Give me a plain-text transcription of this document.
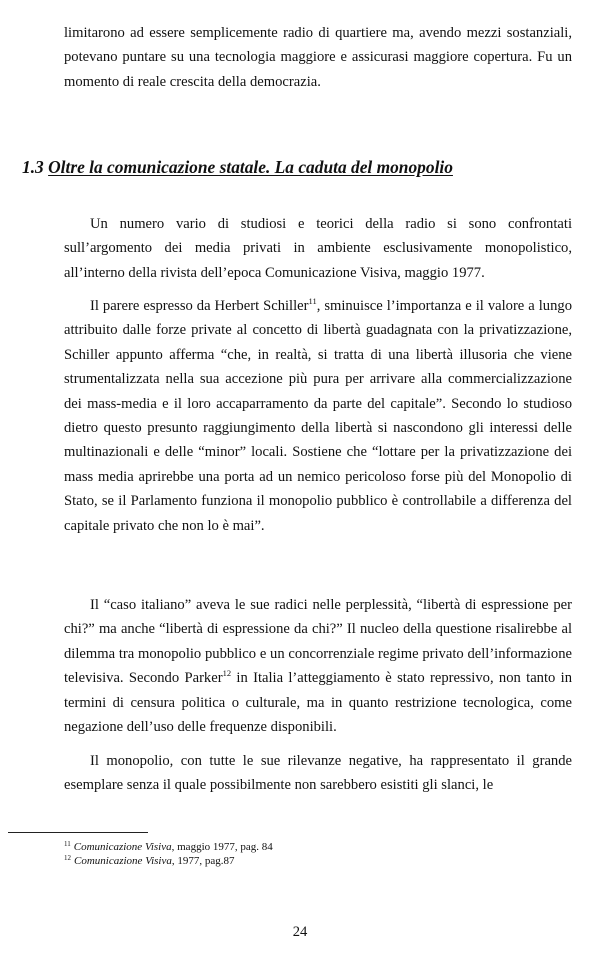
limitarono ad essere semplicemente radio di quartiere ma, avendo mezzi sostanziali, potevano puntare su una tecnologia maggiore e assicurasi maggiore copertura. Fu un momento di reale crescita della democrazia.

1.3 Oltre la comunicazione statale. La caduta del monopolio

Un numero vario di studiosi e teorici della radio si sono confrontati sull’argomento dei media privati in ambiente esclusivamente monopolistico, all’interno della rivista dell’epoca Comunicazione Visiva, maggio 1977.

Il parere espresso da Herbert Schiller$^{11}$, sminuisce l’importanza e il valore a lungo attribuito dalle forze private al concetto di libertà guadagnata con la privatizzazione, Schiller appunto afferma “che, in realtà, si tratta di una libertà illusoria che viene strumentalizzata nella sua accezione più pura per arrivare alla commercializzazione dei mass-media e il loro accaparramento da parte del capitale”. Secondo lo studioso dietro questo presunto raggiungimento della libertà si nascondono gli interessi delle multinazionali e delle “minor” locali. Sostiene che “lottare per la privatizzazione dei mass media aprirebbe una porta ad un nemico pericoloso forse più del Monopolio di Stato, se il Parlamento funziona il monopolio pubblico è controllabile a differenza del capitale privato che non lo è mai”.

Il “caso italiano” aveva le sue radici nelle perplessità, “libertà di espressione per chi?” ma anche “libertà di espressione da chi?” Il nucleo della questione risalirebbe al dilemma tra monopolio pubblico e un concorrenziale regime privato dell’informazione televisiva. Secondo Parker$^{12}$ in Italia l’atteggiamento è stato repressivo, non tanto in termini di censura politica o culturale, ma in quanto restrizione tecnologica, come negazione dell’uso delle frequenze disponibili.

Il monopolio, con tutte le sue rilevanze negative, ha rappresentato il grande esemplare senza il quale possibilmente non sarebbero esistiti gli slanci, le

$^{11}$ Comunicazione Visiva, maggio 1977, pag. 84

$^{12}$ Comunicazione Visiva, 1977, pag.87

24
